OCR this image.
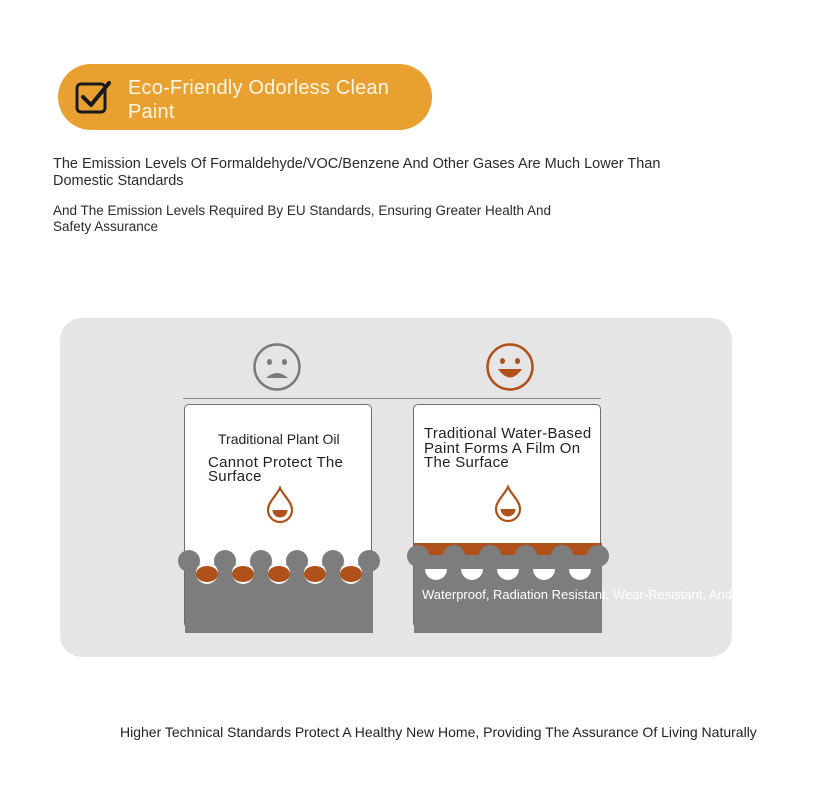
Eco-Friendly Odorless Clean Paint
The Emission Levels Of Formaldehyde/VOC/Benzene And Other Gases Are Much Lower Than Domestic Standards
And The Emission Levels Required By EU Standards, Ensuring Greater Health And Safety Assurance
Traditional Plant Oil
Cannot Protect The Surface
Traditional Water-Based Paint Forms A Film On The Surface
Waterproof, Radiation Resistant, Wear-Resistant, And Crack Resistant
Higher Technical Standards Protect A Healthy New Home, Providing The Assurance Of Living Naturally
